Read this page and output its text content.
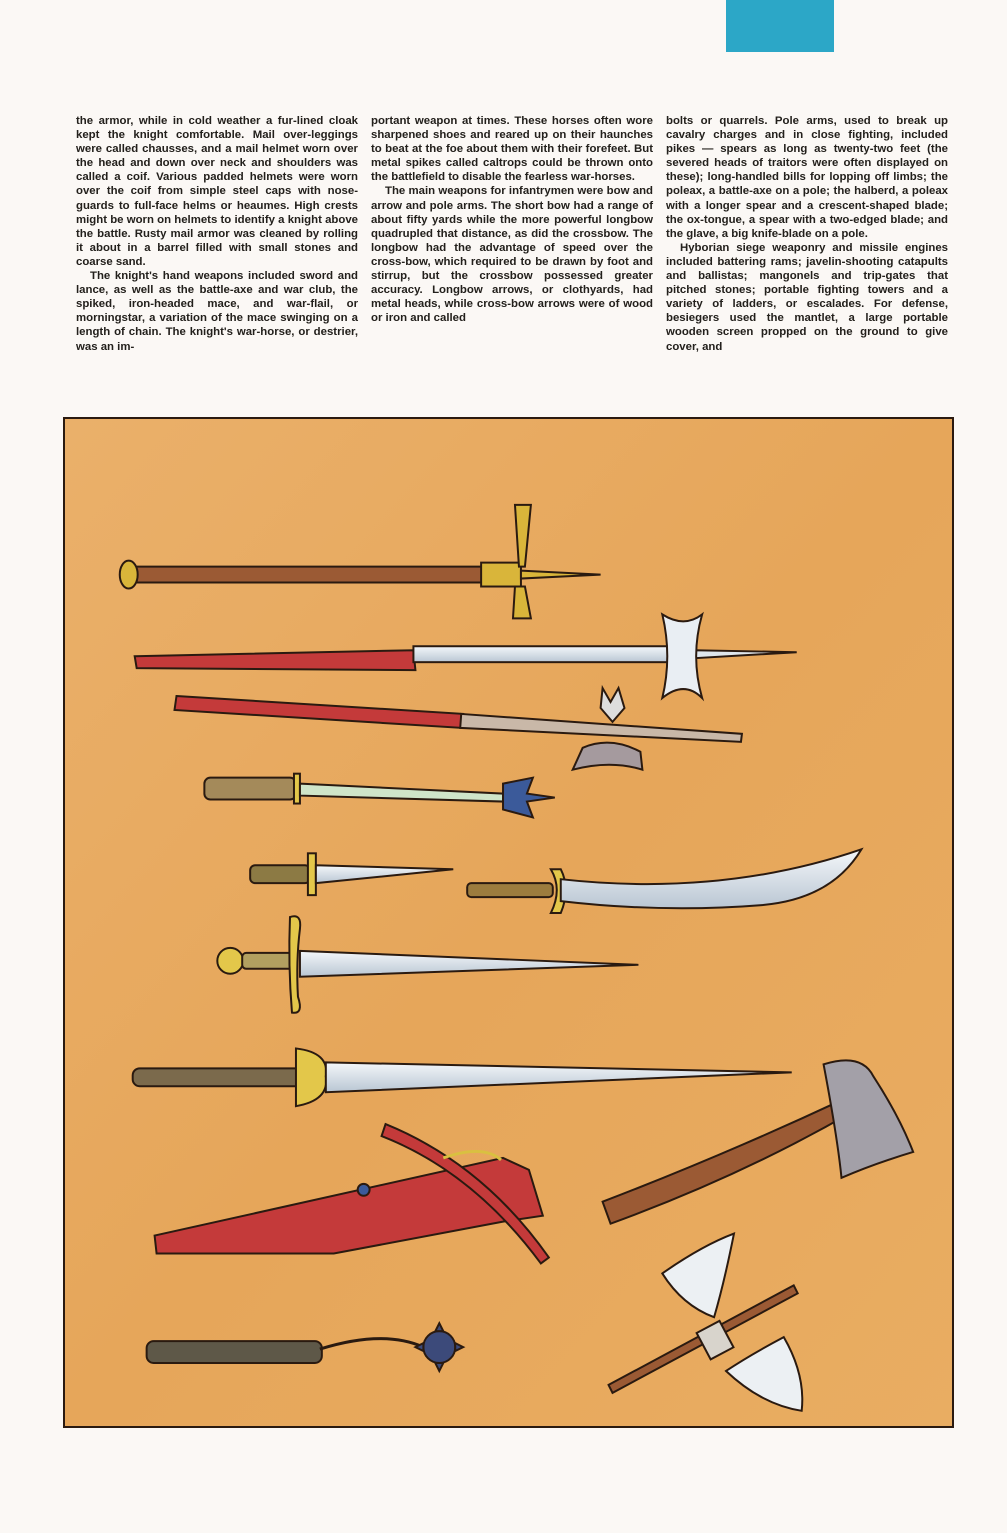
the armor, while in cold weather a fur-lined cloak kept the knight comfortable. Mail over-leggings were called chausses, and a mail helmet worn over the head and down over neck and shoulders was called a coif. Various padded helmets were worn over the coif from simple steel caps with nose-guards to full-face helms or heaumes. High crests might be worn on helmets to identify a knight above the battle. Rusty mail armor was cleaned by rolling it about in a barrel filled with small stones and coarse sand.

The knight's hand weapons included sword and lance, as well as the battle-axe and war club, the spiked, iron-headed mace, and war-flail, or morningstar, a variation of the mace swinging on a length of chain. The knight's war-horse, or destrier, was an im-

portant weapon at times. These horses often wore sharpened shoes and reared up on their haunches to beat at the foe about them with their forefeet. But metal spikes called caltrops could be thrown onto the battlefield to disable the fearless war-horses.

The main weapons for infantrymen were bow and arrow and pole arms. The short bow had a range of about fifty yards while the more powerful longbow quadrupled that distance, as did the crossbow. The longbow had the advantage of speed over the cross-bow, which required to be drawn by foot and stirrup, but the crossbow possessed greater accuracy. Longbow arrows, or clothyards, had metal heads, while cross-bow arrows were of wood or iron and called

bolts or quarrels. Pole arms, used to break up cavalry charges and in close fighting, included pikes — spears as long as twenty-two feet (the severed heads of traitors were often displayed on these); long-handled bills for lopping off limbs; the poleax, a battle-axe on a pole; the halberd, a poleax with a longer spear and a crescent-shaped blade; the ox-tongue, a spear with a two-edged blade; and the glave, a big knife-blade on a pole.

Hyborian siege weaponry and missile engines included battering rams; javelin-shooting catapults and ballistas; mangonels and trip-gates that pitched stones; portable fighting towers and a variety of ladders, or escalades. For defense, besiegers used the mantlet, a large portable wooden screen propped on the ground to give cover, and
